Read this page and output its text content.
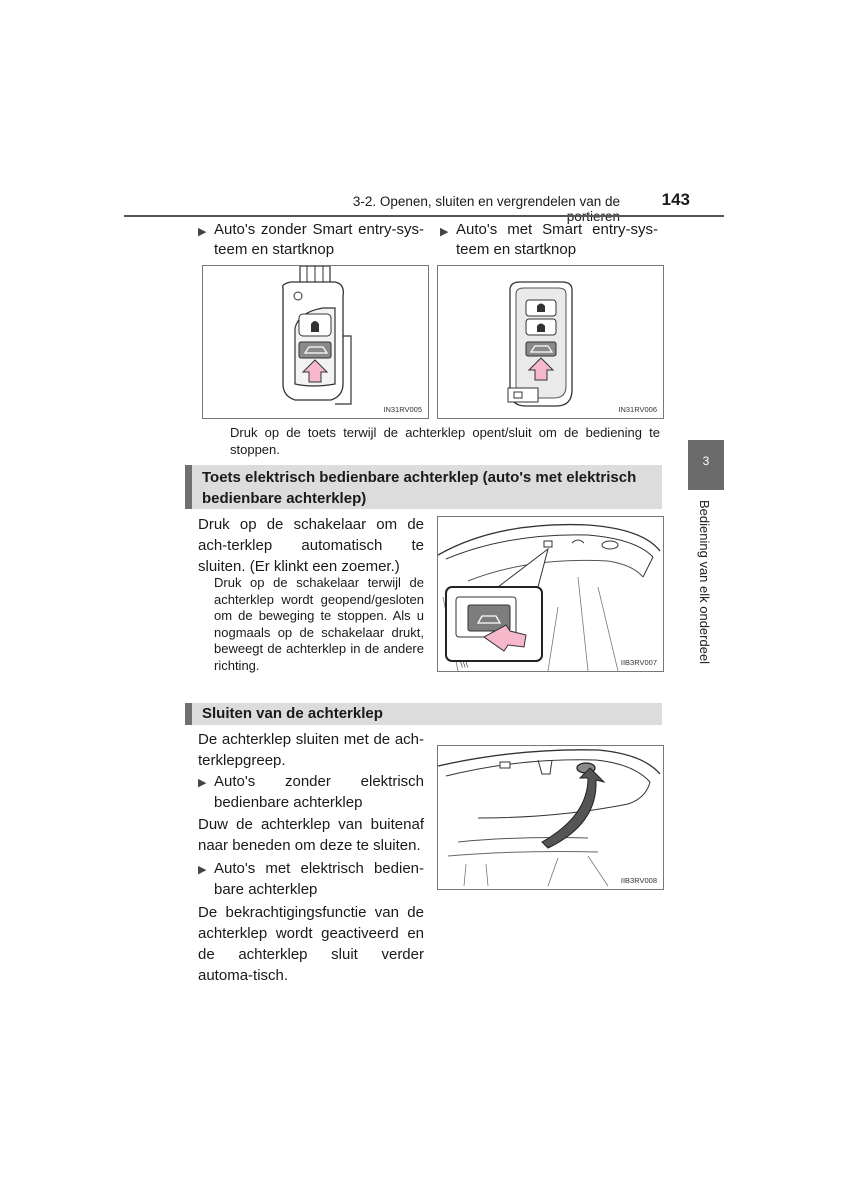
3-2. Openen, sluiten en vergrendelen van de portieren
143
3
Bediening van elk onderdeel
▶ Auto's zonder Smart entry-sys-teem en startknop
▶ Auto's met Smart entry-sys-teem en startknop
IN31RV005	IN31RV006
Druk op de toets terwijl de achterklep opent/sluit om de bediening te stoppen.
Toets elektrisch bedienbare achterklep (auto's met elektrisch bedienbare achterklep)
Druk op de schakelaar om de ach-terklep automatisch te sluiten. (Er klinkt een zoemer.)
Druk op de schakelaar terwijl de achterklep wordt geopend/gesloten om de beweging te stoppen. Als u nogmaals op de schakelaar drukt, beweegt de achterklep in de andere richting.	\\\	IIB3RV007
Sluiten van de achterklep
De achterklep sluiten met de ach-terklepgreep.
▶ Auto's zonder elektrisch bedienbare achterklep
Duw de achterklep van buitenaf naar beneden om deze te sluiten.
▶ Auto's met elektrisch bedien-bare achterklep
De bekrachtigingsfunctie van de achterklep wordt geactiveerd en de achterklep sluit verder automa-tisch.
IIB3RV008
